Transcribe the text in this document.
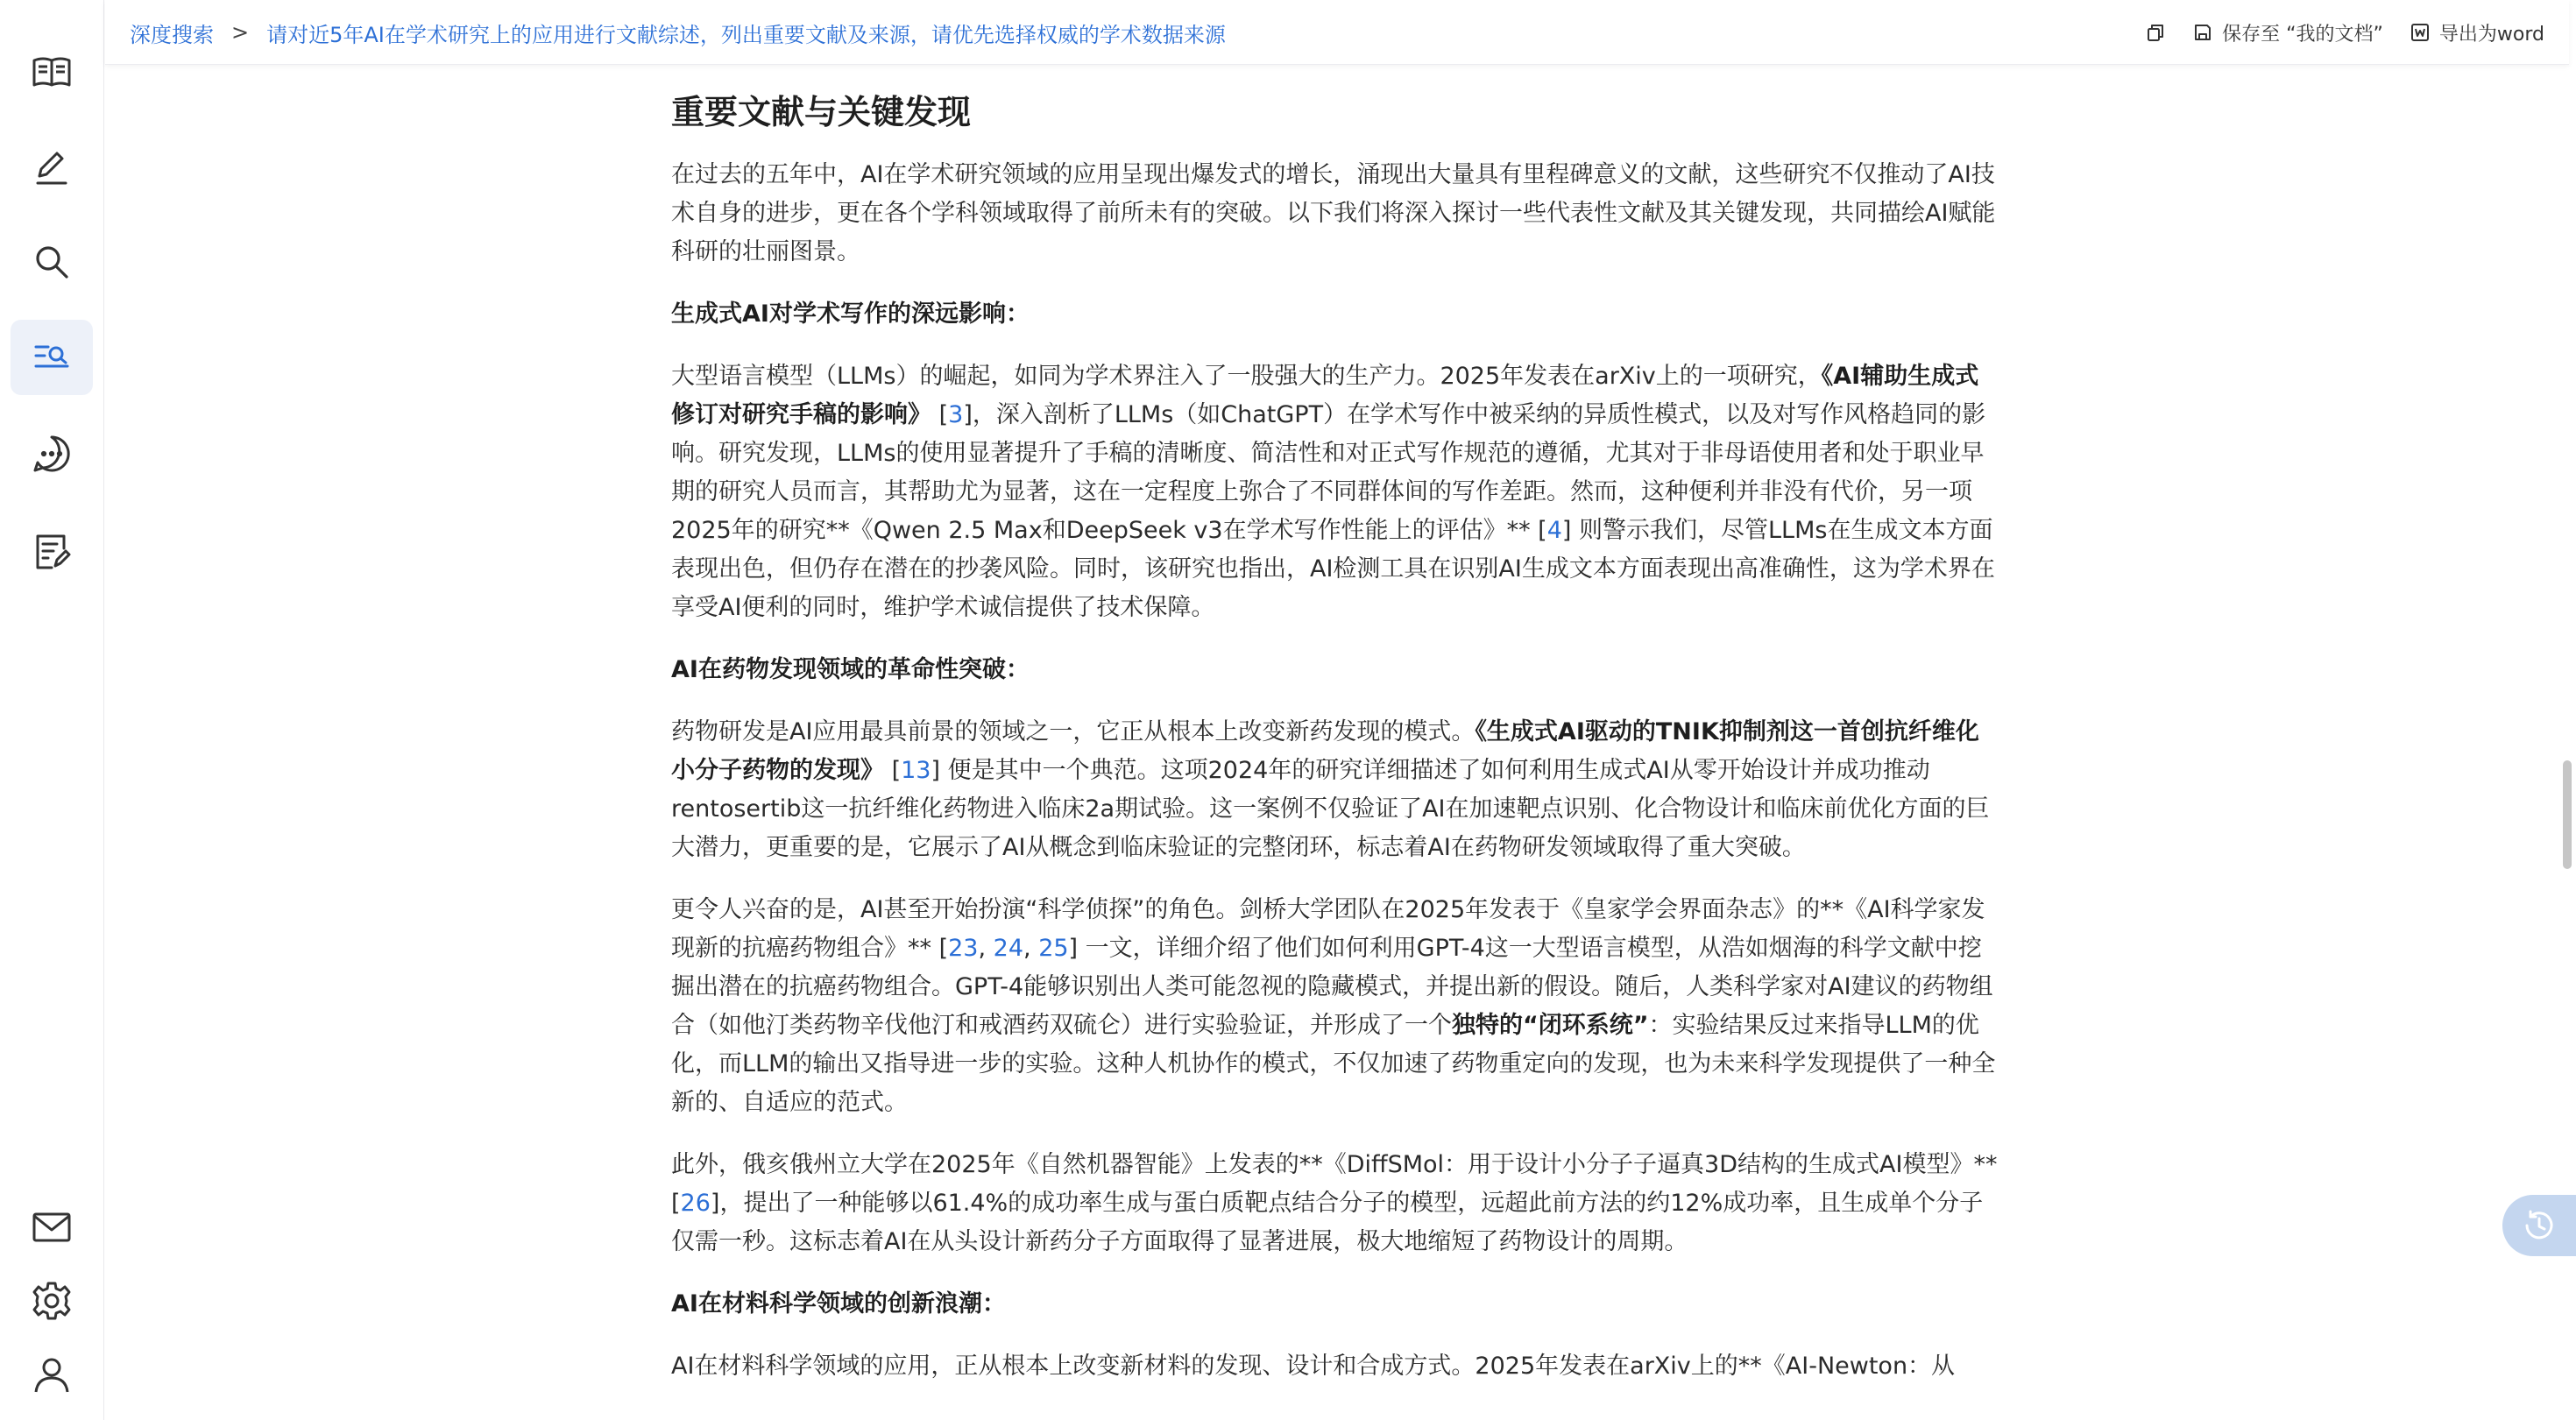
深度搜索 > 请对近5年AI在学术研究上的应用进行文献综述，列出重要文献及来源，请优先选择权威的学术数据来源	保存至 “我的文档”	导出为word
重要文献与关键发现

在过去的五年中，AI在学术研究领域的应用呈现出爆发式的增长，涌现出大量具有里程碑意义的文献，这些研究不仅推动了AI技术自身的进步，更在各个学科领域取得了前所未有的突破。以下我们将深入探讨一些代表性文献及其关键发现，共同描绘AI赋能科研的壮丽图景。

生成式AI对学术写作的深远影响：

大型语言模型（LLMs）的崛起，如同为学术界注入了一股强大的生产力。2025年发表在arXiv上的一项研究，《AI辅助生成式修订对研究手稿的影响》 [3]，深入剖析了LLMs（如ChatGPT）在学术写作中被采纳的异质性模式，以及对写作风格趋同的影响。研究发现，LLMs的使用显著提升了手稿的清晰度、简洁性和对正式写作规范的遵循，尤其对于非母语使用者和处于职业早期的研究人员而言，其帮助尤为显著，这在一定程度上弥合了不同群体间的写作差距。然而，这种便利并非没有代价，另一项2025年的研究**《Qwen 2.5 Max和DeepSeek v3在学术写作性能上的评估》** [4] 则警示我们，尽管LLMs在生成文本方面表现出色，但仍存在潜在的抄袭风险。同时，该研究也指出，AI检测工具在识别AI生成文本方面表现出高准确性，这为学术界在享受AI便利的同时，维护学术诚信提供了技术保障。

AI在药物发现领域的革命性突破：

药物研发是AI应用最具前景的领域之一，它正从根本上改变新药发现的模式。《生成式AI驱动的TNIK抑制剂这一首创抗纤维化小分子药物的发现》 [13] 便是其中一个典范。这项2024年的研究详细描述了如何利用生成式AI从零开始设计并成功推动rentosertib这一抗纤维化药物进入临床2a期试验。这一案例不仅验证了AI在加速靶点识别、化合物设计和临床前优化方面的巨大潜力，更重要的是，它展示了AI从概念到临床验证的完整闭环，标志着AI在药物研发领域取得了重大突破。

更令人兴奋的是，AI甚至开始扮演“科学侦探”的角色。剑桥大学团队在2025年发表于《皇家学会界面杂志》的**《AI科学家发现新的抗癌药物组合》** [23, 24, 25] 一文，详细介绍了他们如何利用GPT-4这一大型语言模型，从浩如烟海的科学文献中挖掘出潜在的抗癌药物组合。GPT-4能够识别出人类可能忽视的隐藏模式，并提出新的假设。随后，人类科学家对AI建议的药物组合（如他汀类药物辛伐他汀和戒酒药双硫仑）进行实验验证，并形成了一个独特的“闭环系统”：实验结果反过来指导LLM的优化，而LLM的输出又指导进一步的实验。这种人机协作的模式，不仅加速了药物重定向的发现，也为未来科学发现提供了一种全新的、自适应的范式。

此外，俄亥俄州立大学在2025年《自然机器智能》上发表的**《DiffSMol：用于设计小分子子逼真3D结构的生成式AI模型》** [26]，提出了一种能够以61.4%的成功率生成与蛋白质靶点结合分子的模型，远超此前方法的约12%成功率，且生成单个分子仅需一秒。这标志着AI在从头设计新药分子方面取得了显著进展，极大地缩短了药物设计的周期。

AI在材料科学领域的创新浪潮：

AI在材料科学领域的应用，正从根本上改变新材料的发现、设计和合成方式。2025年发表在arXiv上的**《AI-Newton：从
